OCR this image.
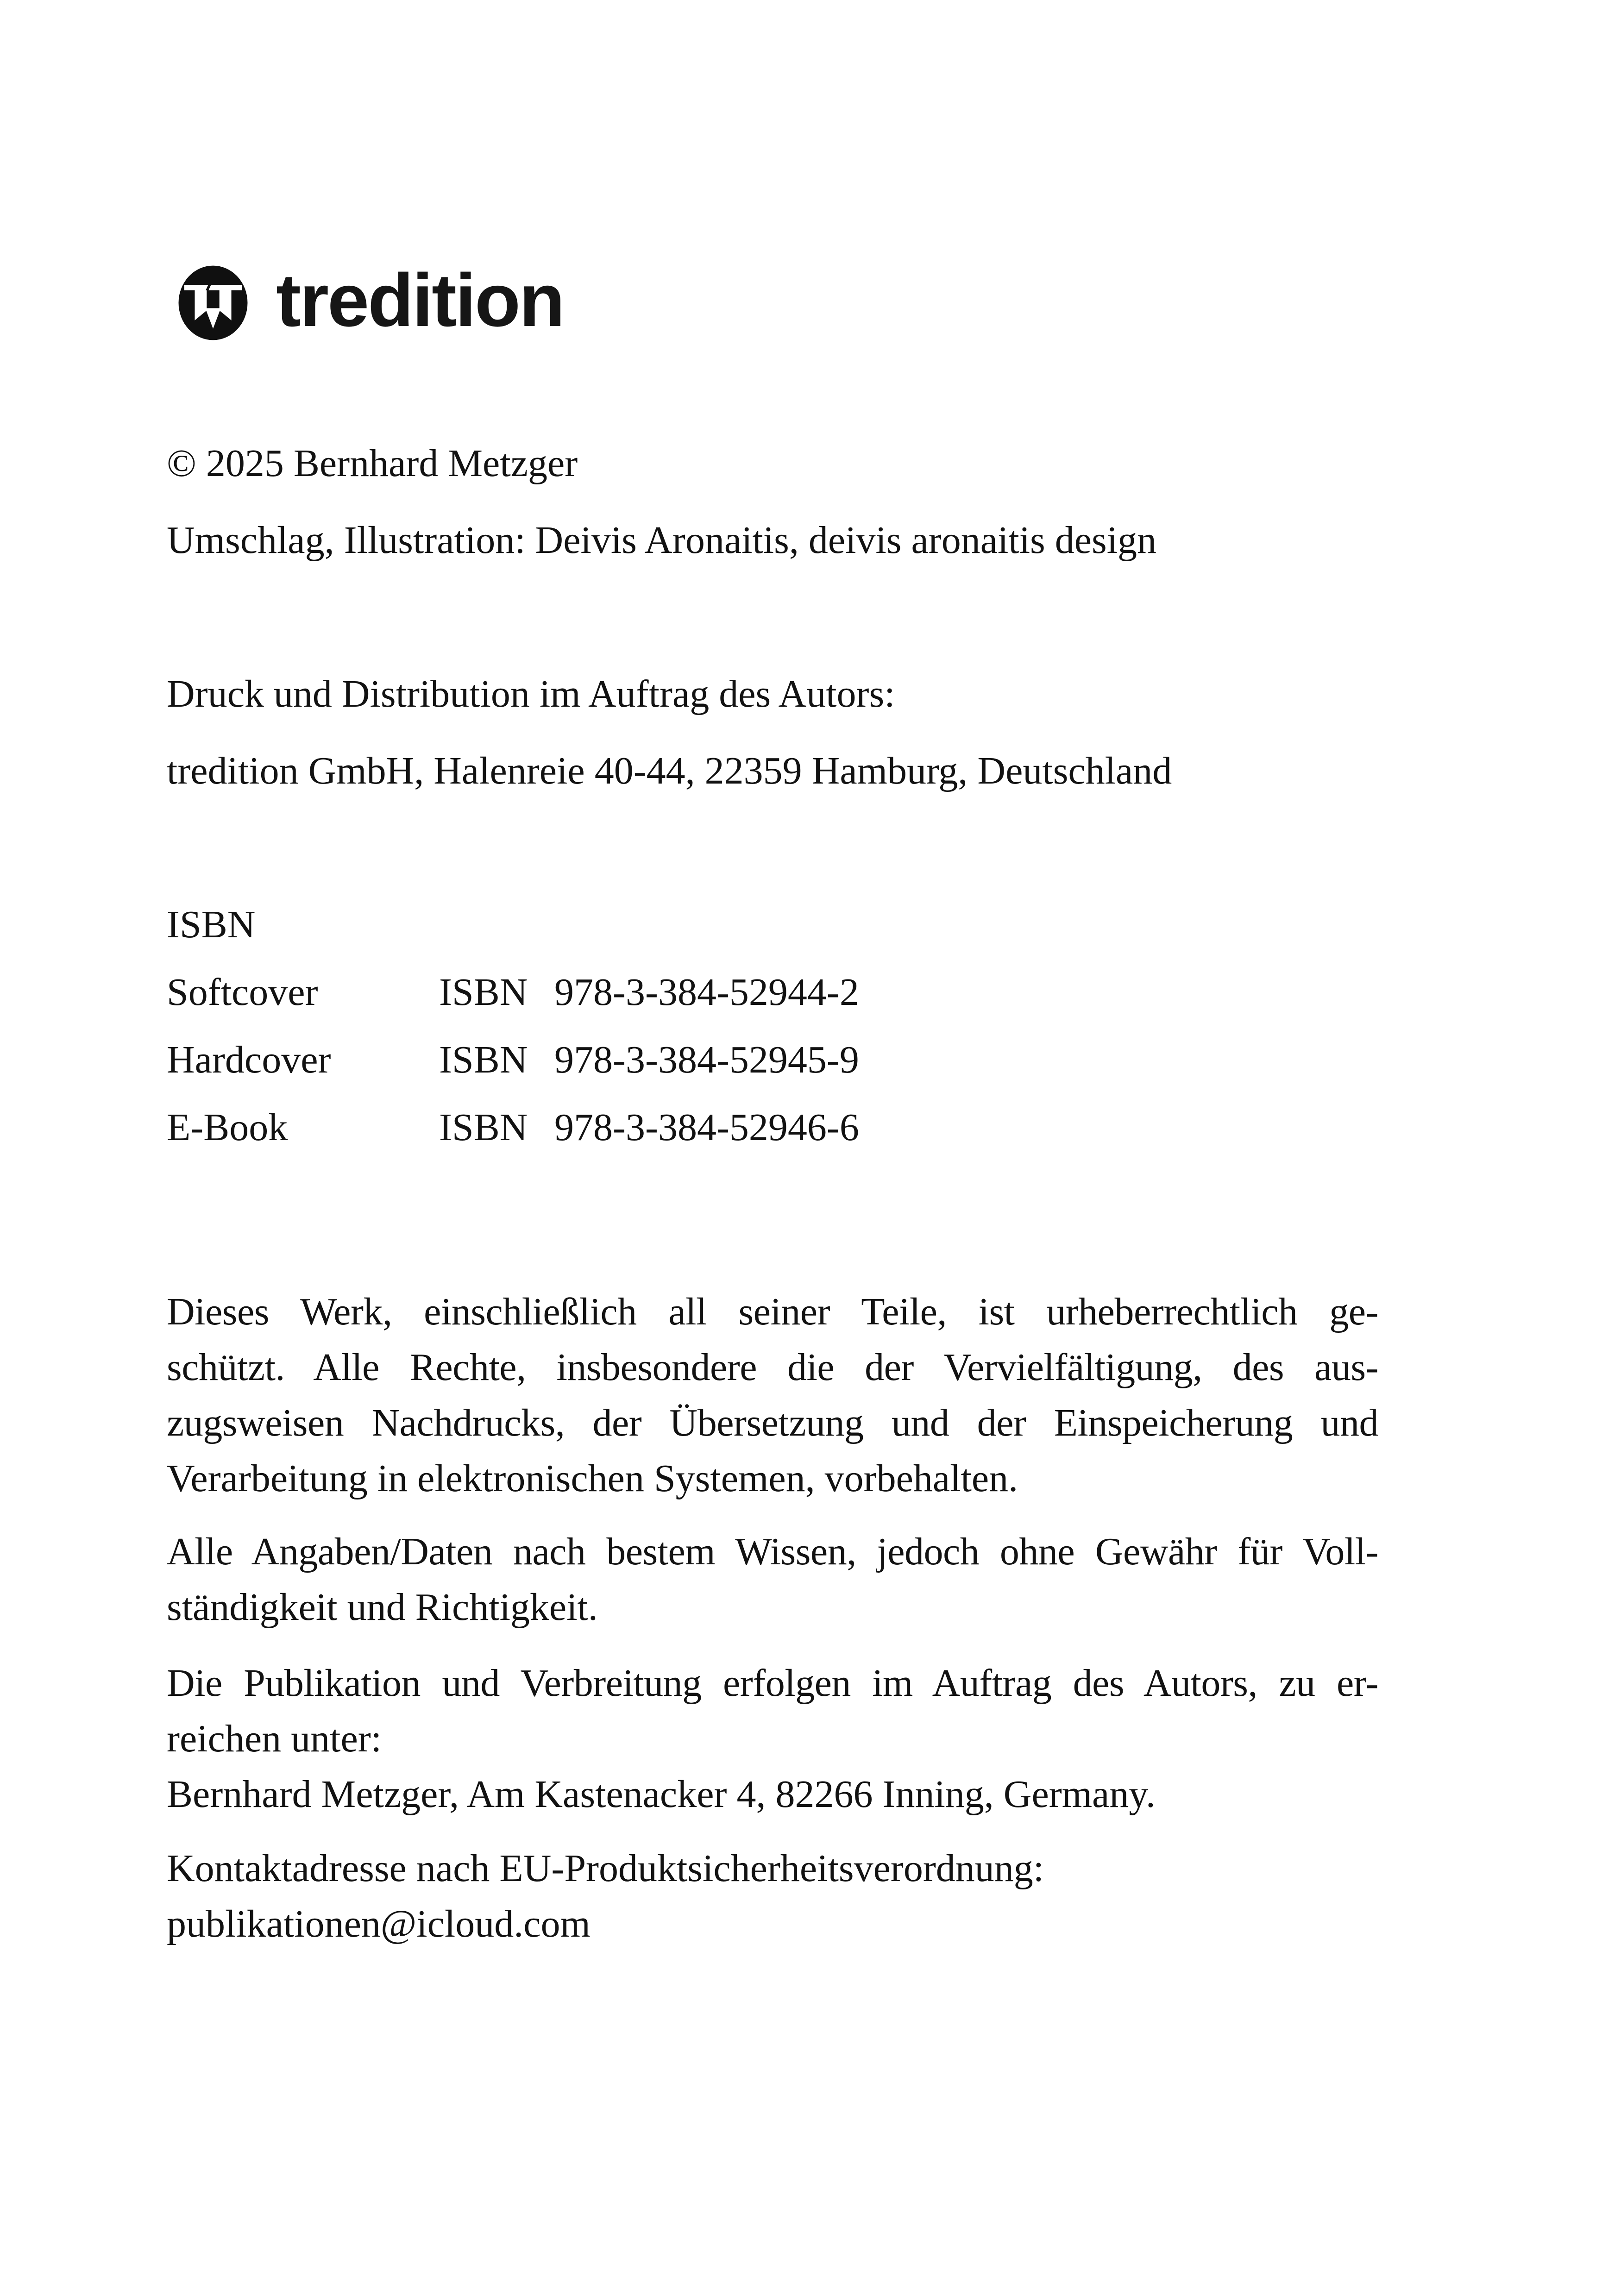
tredition

© 2025 Bernhard Metzger

Umschlag, Illustration: Deivis Aronaitis, deivis aronaitis design

Druck und Distribution im Auftrag des Autors:

tredition GmbH, Halenreie 40-44, 22359 Hamburg, Deutschland

ISBN

Softcover	ISBN 978-3-384-52944-2
Hardcover	ISBN 978-3-384-52945-9
E-Book	ISBN 978-3-384-52946-6
Dieses Werk, einschließlich all seiner Teile, ist urheberrechtlich ge-
schützt. Alle Rechte, insbesondere die der Vervielfältigung, des aus-
zugsweisen Nachdrucks, der Übersetzung und der Einspeicherung und
Verarbeitung in elektronischen Systemen, vorbehalten.
Alle Angaben/Daten nach bestem Wissen, jedoch ohne Gewähr für Voll-
ständigkeit und Richtigkeit.
Die Publikation und Verbreitung erfolgen im Auftrag des Autors, zu er-
reichen unter:
Bernhard Metzger, Am Kastenacker 4, 82266 Inning, Germany.
Kontaktadresse nach EU-Produktsicherheitsverordnung:
publikationen@icloud.com
